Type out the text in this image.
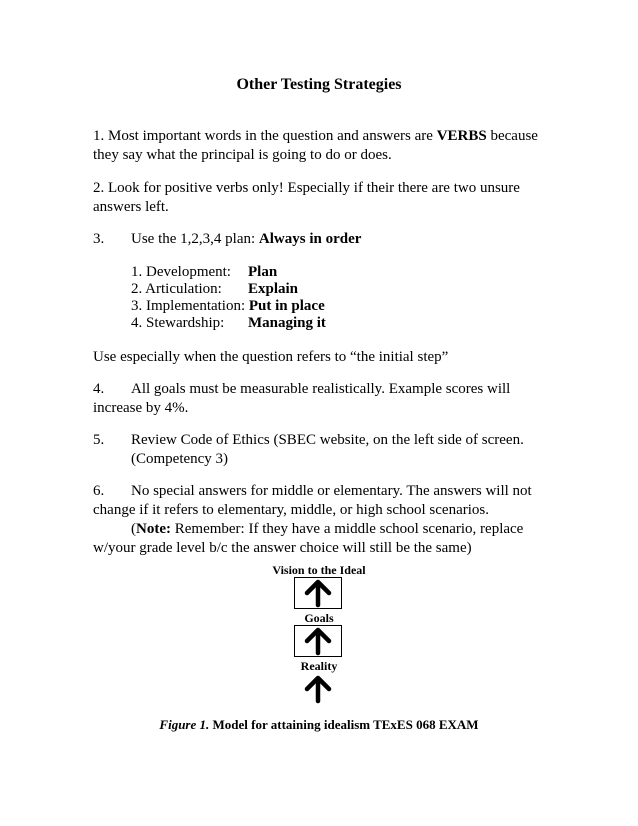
Other Testing Strategies
1. Most important words in the question and answers are VERBS because
they say what the principal is going to do or does.
2. Look for positive verbs only! Especially if their there are two unsure
answers left.
3. Use the 1,2,3,4 plan: Always in order
1. Development: Plan
2. Articulation: Explain
3. Implementation: Put in place
4. Stewardship: Managing it
Use especially when the question refers to “the initial step”
4. All goals must be measurable realistically. Example scores will
increase by 4%.
5. Review Code of Ethics (SBEC website, on the left side of screen.
(Competency 3)
6. No special answers for middle or elementary. The answers will not
change if it refers to elementary, middle, or high school scenarios.
(Note: Remember: If they have a middle school scenario, replace
w/your grade level b/c the answer choice will still be the same)
Vision to the Ideal
Goals
Reality
Figure 1. Model for attaining idealism TExES 068 EXAM
